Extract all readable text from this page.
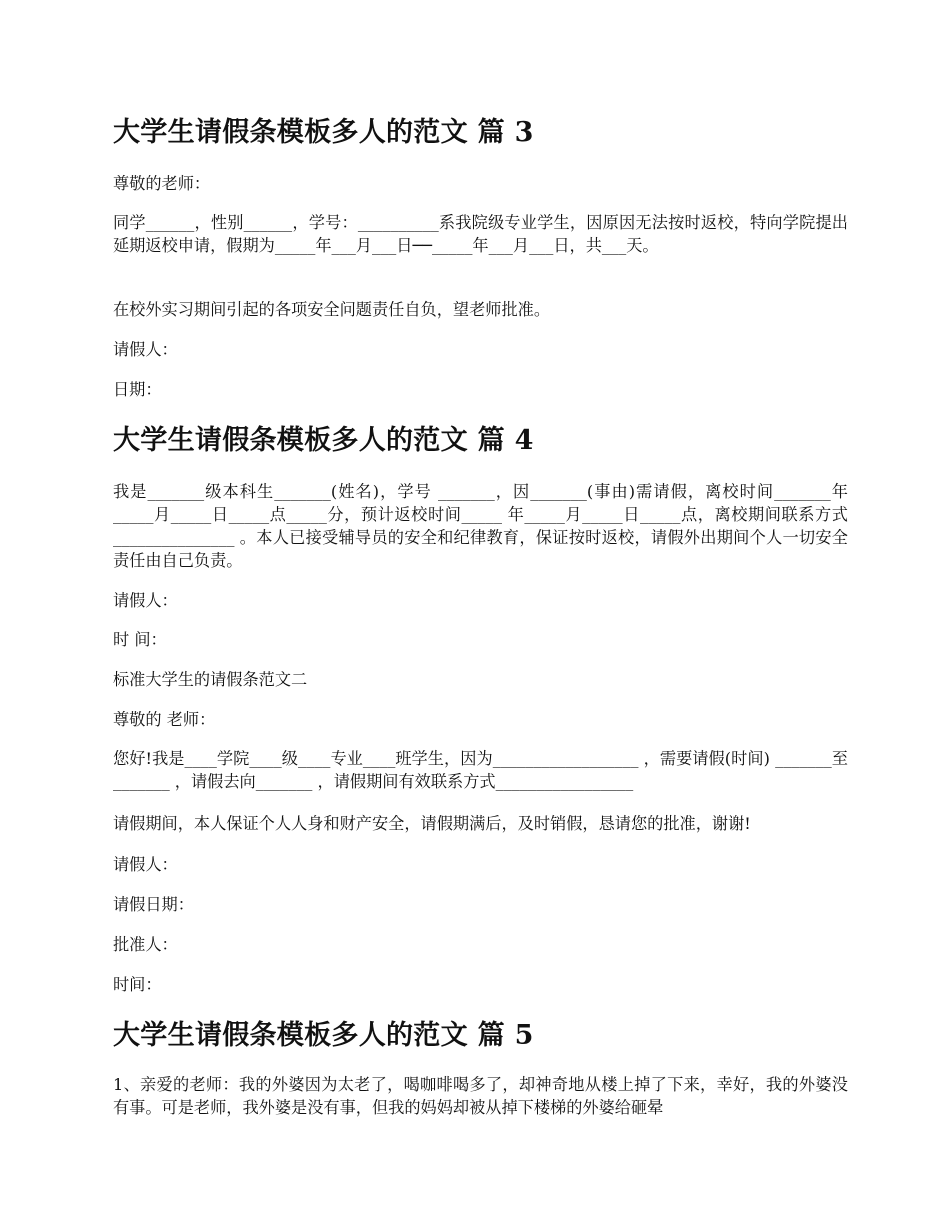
大学生请假条模板多人的范文 篇 3

尊敬的老师：

同学______，性别______，学号：__________系我院级专业学生，因原因无法按时返校，特向学院提出延期返校申请，假期为_____年___月___日──_____年___月___日，共___天。

在校外实习期间引起的各项安全问题责任自负，望老师批准。

请假人：

日期：

大学生请假条模板多人的范文 篇 4

我是_______级本科生_______(姓名)，学号 _______，因_______(事由)需请假，离校时间_______年_____月_____日_____点_____分，预计返校时间_____ 年_____月_____日_____点，离校期间联系方式_______________ 。本人已接受辅导员的安全和纪律教育，保证按时返校，请假外出期间个人一切安全责任由自己负责。

请假人：

时 间：

标准大学生的请假条范文二

尊敬的 老师：

您好!我是____学院____级____专业____班学生，因为__________________ ，需要请假(时间) _______至_______ ，请假去向_______ ，请假期间有效联系方式_________________

请假期间，本人保证个人人身和财产安全，请假期满后，及时销假，恳请您的批准，谢谢!

请假人：

请假日期：

批准人：

时间：

大学生请假条模板多人的范文 篇 5

1、亲爱的老师：我的外婆因为太老了，喝咖啡喝多了，却神奇地从楼上掉了下来，幸好，我的外婆没有事。可是老师，我外婆是没有事，但我的妈妈却被从掉下楼梯的外婆给砸晕
